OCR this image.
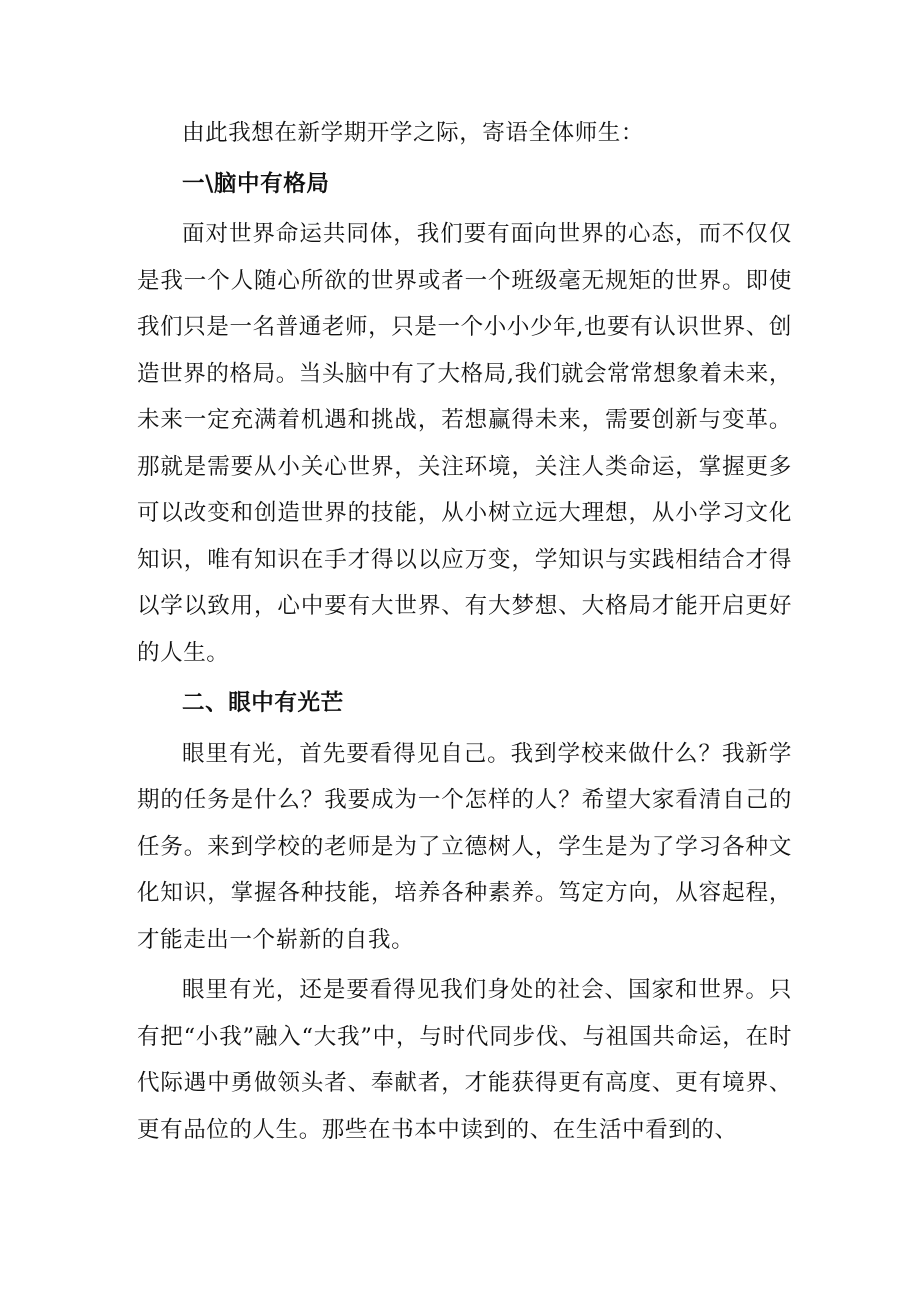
由此我想在新学期开学之际，寄语全体师生：

一\脑中有格局

面对世界命运共同体，我们要有面向世界的心态，而不仅仅是我一个人随心所欲的世界或者一个班级毫无规矩的世界。即使我们只是一名普通老师，只是一个小小少年,也要有认识世界、创造世界的格局。当头脑中有了大格局,我们就会常常想象着未来，未来一定充满着机遇和挑战，若想赢得未来，需要创新与变革。那就是需要从小关心世界，关注环境，关注人类命运，掌握更多可以改变和创造世界的技能，从小树立远大理想，从小学习文化知识，唯有知识在手才得以以应万变，学知识与实践相结合才得以学以致用，心中要有大世界、有大梦想、大格局才能开启更好的人生。

二、眼中有光芒

眼里有光，首先要看得见自己。我到学校来做什么？我新学期的任务是什么？我要成为一个怎样的人？希望大家看清自己的任务。来到学校的老师是为了立德树人，学生是为了学习各种文化知识，掌握各种技能，培养各种素养。笃定方向，从容起程，才能走出一个崭新的自我。

眼里有光，还是要看得见我们身处的社会、国家和世界。只有把“小我”融入“大我”中，与时代同步伐、与祖国共命运，在时代际遇中勇做领头者、奉献者，才能获得更有高度、更有境界、更有品位的人生。那些在书本中读到的、在生活中看到的、
